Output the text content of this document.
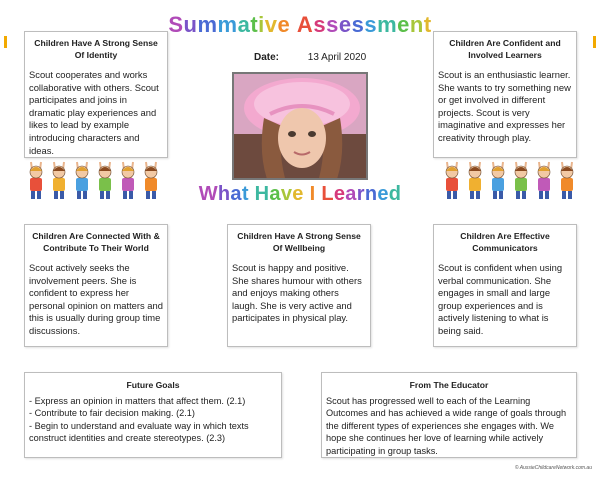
Summative Assessment
Date:	13 April 2020
What Have I Learned
Children Have A Strong Sense Of Identity
Scout cooperates and works collaborative with others. Scout participates and joins in dramatic play experiences and likes to lead by example introducing characters and ideas.
Children Are Confident and Involved Learners
Scout is an enthusiastic learner. She wants to try something new or get involved in different projects. Scout is very imaginative and expresses her creativity through play.
Children Are Connected With & Contribute To Their World
Scout actively seeks the involvement peers. She is confident to express her personal opinion on matters and this is usually during group time discussions.
Children Have A Strong Sense Of Wellbeing
Scout is happy and positive. She shares humour with others and enjoys making others laugh. She is very active and participates in physical play.
Children Are Effective Communicators
Scout is confident when using verbal communication. She engages in small and large group experiences and is actively listening to what is being said.
Future Goals
- Express an opinion in matters that affect them. (2.1)
- Contribute to fair decision making. (2.1)
- Begin to understand and evaluate way in which texts construct identities and create stereotypes. (2.3)
From The Educator
Scout has progressed well to each of the Learning Outcomes and has achieved a wide range of goals through the different types of experiences she engages with. We hope she continues her love of learning while actively participating in group tasks.
© AussieChildcareNetwork.com.au
